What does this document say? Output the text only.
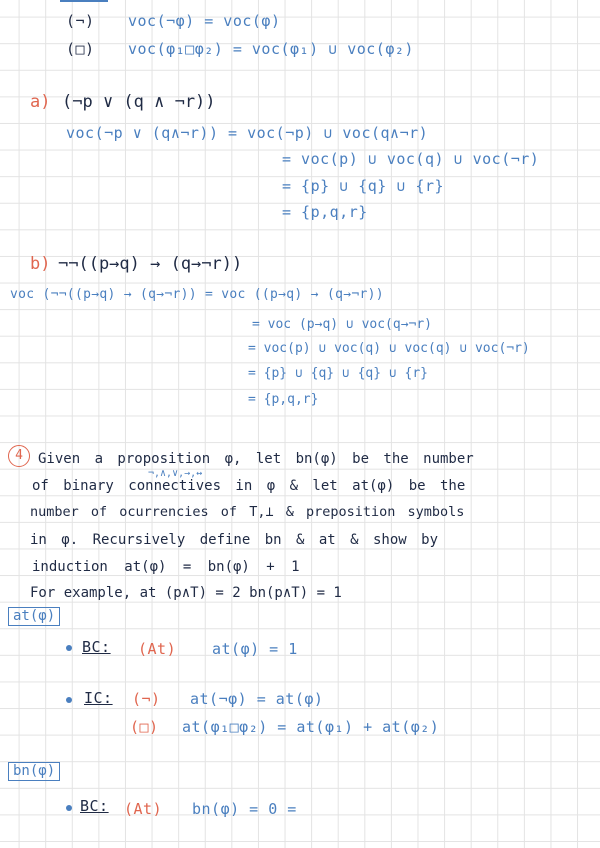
(¬) voc(¬φ) = voc(φ)
(□) voc(φ₁□φ₂) = voc(φ₁) ∪ voc(φ₂)
a) (¬p ∨ (q ∧ ¬r))
voc(¬p ∨ (q∧¬r)) = voc(¬p) ∪ voc(q∧¬r)
= voc(p) ∪ voc(q) ∪ voc(¬r)
= {p} ∪ {q} ∪ {r}
= {p,q,r}
b) ¬¬((p→q) → (q→¬r))
voc (¬¬((p→q) → (q→¬r)) = voc ((p→q) → (q→¬r))
= voc (p→q) ∪ voc(q→¬r)
= voc(p) ∪ voc(q) ∪ voc(q) ∪ voc(¬r)
= {p} ∪ {q} ∪ {q} ∪ {r}
= {p,q,r}
4	Given a proposition φ, let bn(φ) be the number
¬,∧,∨,→,↔
of binary connectives in φ & let at(φ) be the
number of ocurrencies of T,⊥ & preposition symbols
in φ. Recursively define bn & at & show by
induction at(φ) = bn(φ) + 1
For example, at (p∧T) = 2 bn(p∧T) = 1
at(φ)
BC: (At) at(φ) = 1
IC: (¬) at(¬φ) = at(φ)
(□) at(φ₁□φ₂) = at(φ₁) + at(φ₂)
bn(φ)
BC: (At) bn(φ) = 0 =
